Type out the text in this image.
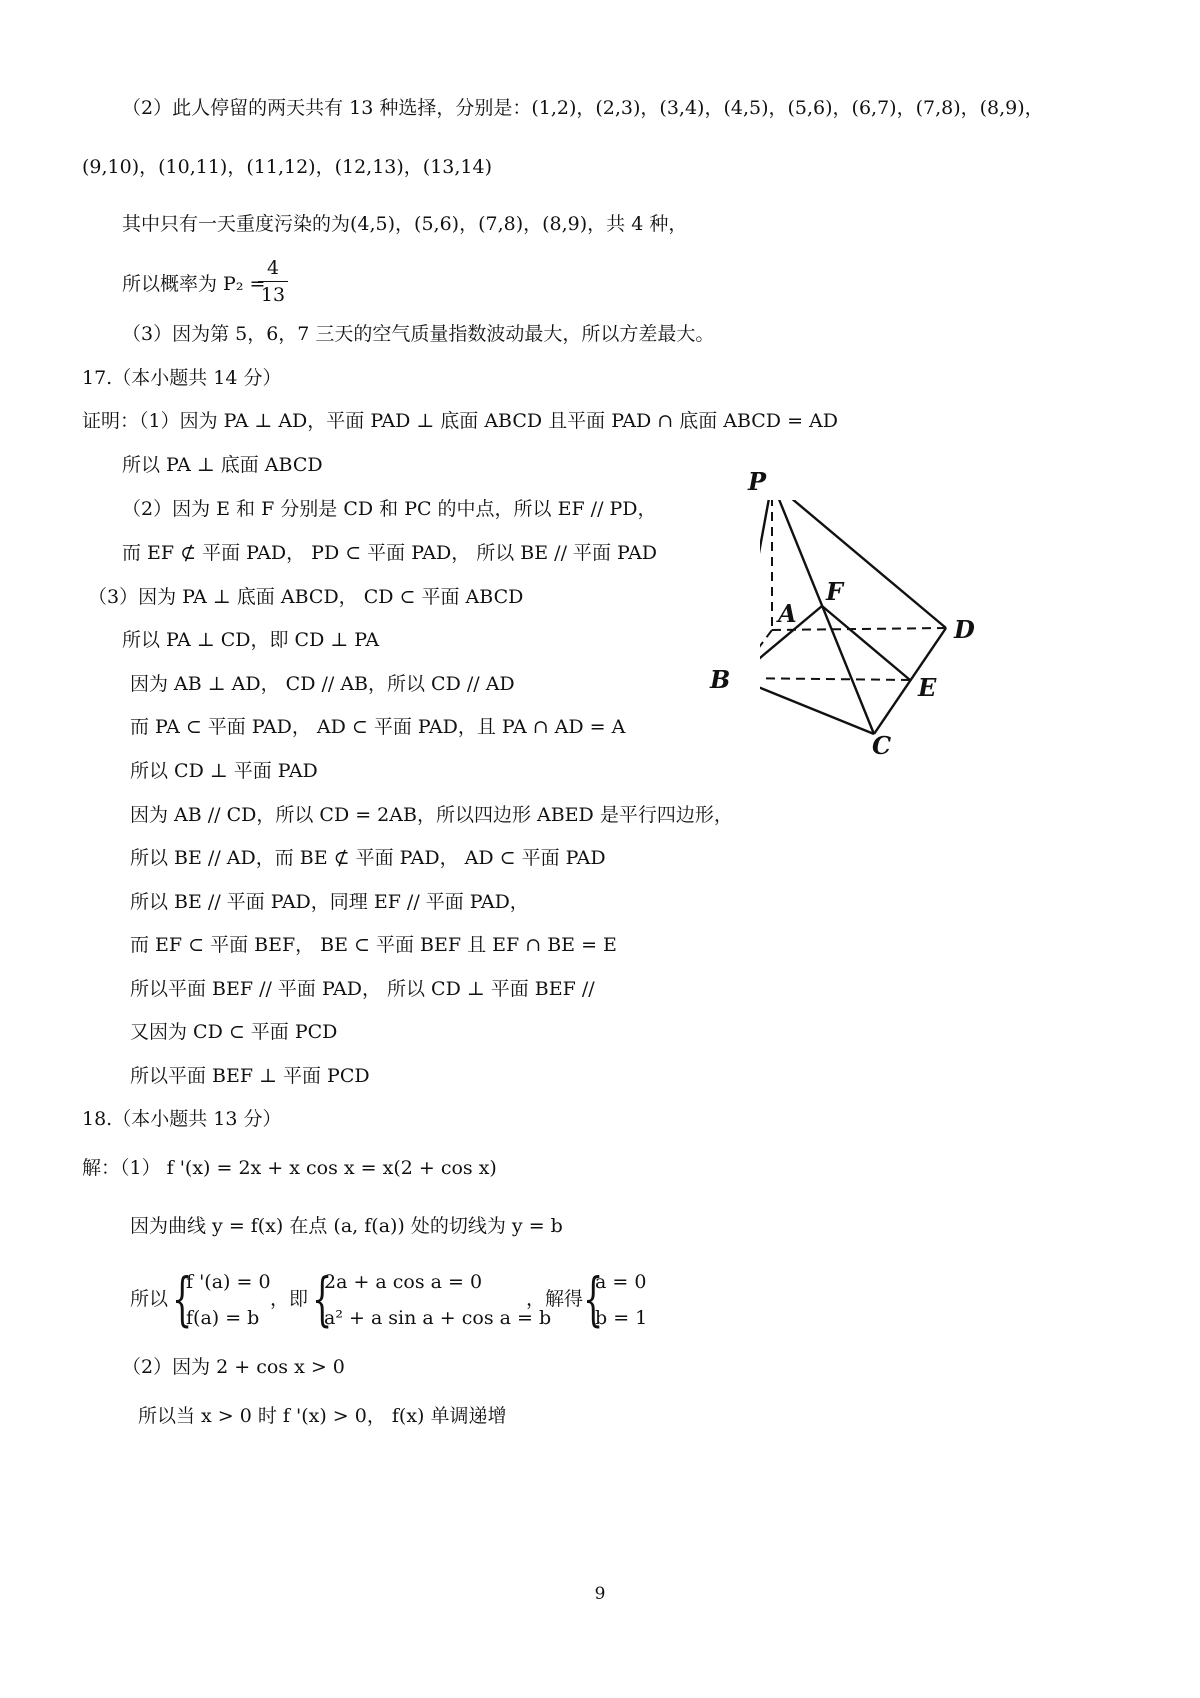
（2）此人停留的两天共有 13 种选择，分别是：(1,2)，(2,3)，(3,4)，(4,5)，(5,6)，(6,7)，(7,8)，(8,9)，
(9,10)，(10,11)，(11,12)，(12,13)，(13,14)
其中只有一天重度污染的为(4,5)，(5,6)，(7,8)，(8,9)，共 4 种，
所以概率为 P₂ =
4
13
（3）因为第 5，6，7 三天的空气质量指数波动最大，所以方差最大。
17.（本小题共 14 分）
证明：（1）因为 PA ⊥ AD，平面 PAD ⊥ 底面 ABCD 且平面 PAD ∩ 底面 ABCD = AD
所以 PA ⊥ 底面 ABCD
（2）因为 E 和 F 分别是 CD 和 PC 的中点，所以 EF // PD，
而 EF ⊄ 平面 PAD， PD ⊂ 平面 PAD， 所以 BE // 平面 PAD
（3）因为 PA ⊥ 底面 ABCD， CD ⊂ 平面 ABCD
所以 PA ⊥ CD，即 CD ⊥ PA
因为 AB ⊥ AD， CD // AB，所以 CD // AD
而 PA ⊂ 平面 PAD， AD ⊂ 平面 PAD，且 PA ∩ AD = A
所以 CD ⊥ 平面 PAD
因为 AB // CD，所以 CD = 2AB，所以四边形 ABED 是平行四边形，
所以 BE // AD，而 BE ⊄ 平面 PAD， AD ⊂ 平面 PAD
所以 BE // 平面 PAD，同理 EF // 平面 PAD，
而 EF ⊂ 平面 BEF， BE ⊂ 平面 BEF 且 EF ∩ BE = E
所以平面 BEF // 平面 PAD， 所以 CD ⊥ 平面 BEF //
又因为 CD ⊂ 平面 PCD
所以平面 BEF ⊥ 平面 PCD
18.（本小题共 13 分）
解：（1） f '(x) = 2x + x cos x = x(2 + cos x)
因为曲线 y = f(x) 在点 (a, f(a)) 处的切线为 y = b
所以 {
f '(a) = 0
f(a) = b
，即 {
2a + a cos a = 0
a² + a sin a + cos a = b
，解得 {
a = 0
b = 1
（2）因为 2 + cos x > 0
所以当 x > 0 时 f '(x) > 0， f(x) 单调递增
P
A
F
D
B	E
C
9
